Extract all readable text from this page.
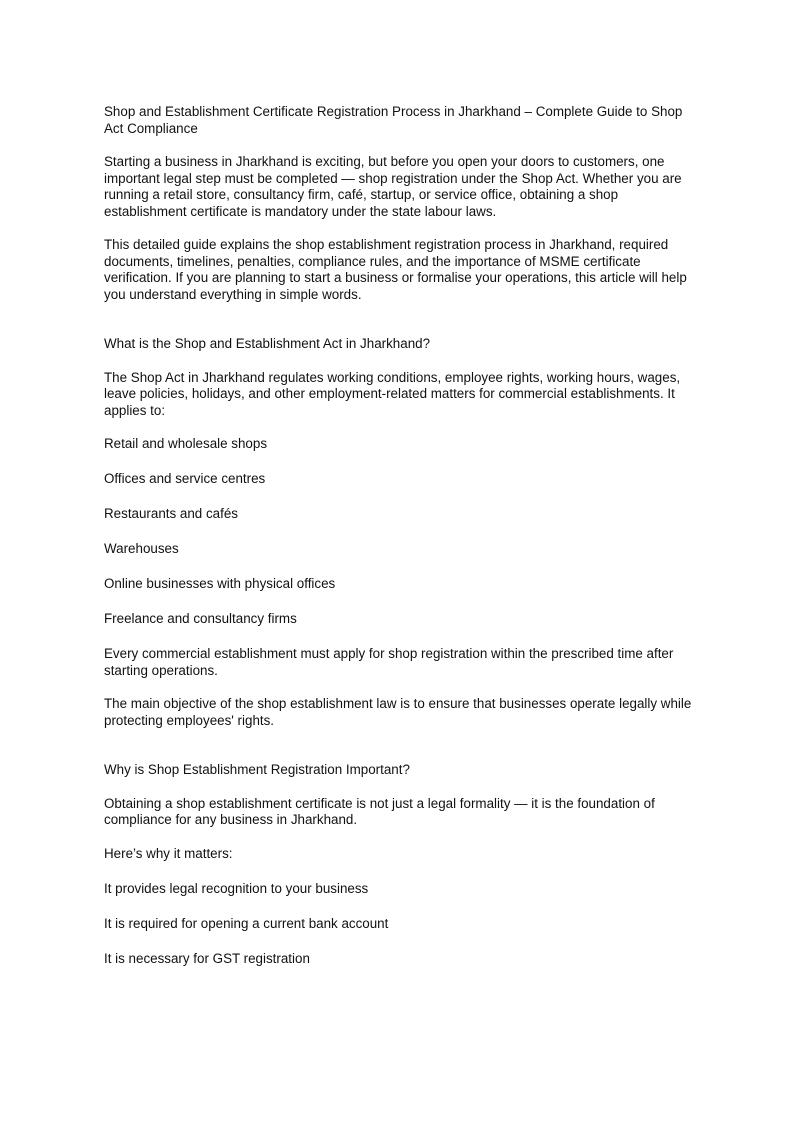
Shop and Establishment Certificate Registration Process in Jharkhand – Complete Guide to Shop Act Compliance

Starting a business in Jharkhand is exciting, but before you open your doors to customers, one important legal step must be completed — shop registration under the Shop Act. Whether you are running a retail store, consultancy firm, café, startup, or service office, obtaining a shop establishment certificate is mandatory under the state labour laws.

This detailed guide explains the shop establishment registration process in Jharkhand, required documents, timelines, penalties, compliance rules, and the importance of MSME certificate verification. If you are planning to start a business or formalise your operations, this article will help you understand everything in simple words.

What is the Shop and Establishment Act in Jharkhand?

The Shop Act in Jharkhand regulates working conditions, employee rights, working hours, wages, leave policies, holidays, and other employment-related matters for commercial establishments. It applies to:

Retail and wholesale shops

Offices and service centres

Restaurants and cafés

Warehouses

Online businesses with physical offices

Freelance and consultancy firms

Every commercial establishment must apply for shop registration within the prescribed time after starting operations.

The main objective of the shop establishment law is to ensure that businesses operate legally while protecting employees' rights.

Why is Shop Establishment Registration Important?

Obtaining a shop establishment certificate is not just a legal formality — it is the foundation of compliance for any business in Jharkhand.

Here’s why it matters:

It provides legal recognition to your business

It is required for opening a current bank account

It is necessary for GST registration
